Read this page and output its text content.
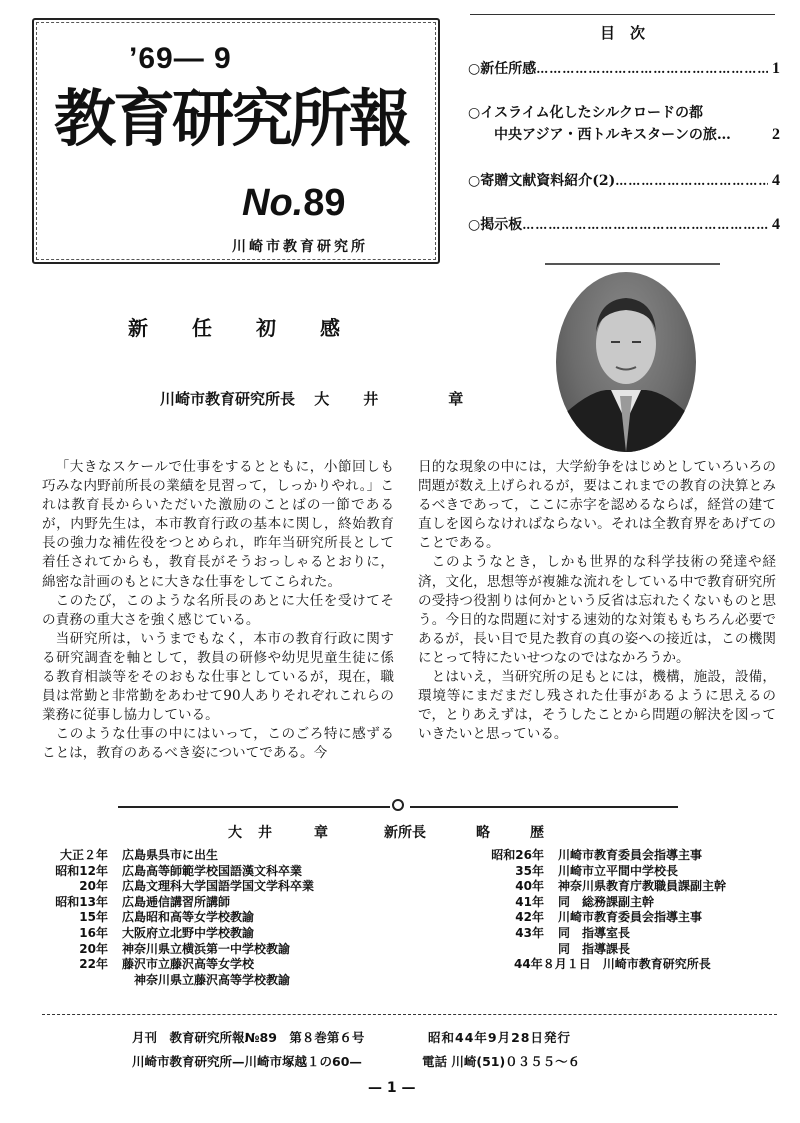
’69— 9
教育研究所報
No.89
川崎市教育研究所
目　次
○新任所感 ……………………………………………………………………	1
○イスライム化したシルクロードの都
中央アジア・西トルキスターンの旅…	2
○寄贈文献資料紹介(2) ……………………………………………………………………	4
○掲示板 ……………………………………………………………………	4
新 任 初 感
川崎市教育研究所長 大 井	章

「大きなスケールで仕事をするとともに，小節回しも巧みな内野前所長の業績を見習って，しっかりやれ。」これは教育長からいただいた激励のことばの一節であるが，内野先生は，本市教育行政の基本に関し，終始教育長の強力な補佐役をつとめられ，昨年当研究所長として着任されてからも，教育長がそうおっしゃるとおりに，綿密な計画のもとに大きな仕事をしてこられた。

このたび，このような名所長のあとに大任を受けてその責務の重大さを強く感じている。

当研究所は，いうまでもなく，本市の教育行政に関する研究調査を軸として，教員の研修や幼児児童生徒に係る教育相談等をそのおもな仕事としているが，現在，職員は常勤と非常勤をあわせて90人ありそれぞれこれらの業務に従事し協力している。

このような仕事の中にはいって，このごろ特に感ずることは，教育のあるべき姿についてである。今

日的な現象の中には，大学紛争をはじめとしていろいろの問題が数え上げられるが，要はこれまでの教育の決算とみるべきであって，ここに赤字を認めるならば，経営の建て直しを図らなければならない。それは全教育界をあげてのことである。

このようなとき，しかも世界的な科学技術の発達や経済，文化，思想等が複雑な流れをしている中で教育研究所の受持つ役割りは何かという反省は忘れたくないものと思う。今日的な問題に対する速効的な対策ももちろん必要であるが，長い目で見た教育の真の姿への接近は，この機関にとって特にたいせつなのではなかろうか。

とはいえ，当研究所の足もとには，機構，施設，設備，環境等にまだまだし残された仕事があるように思えるので，とりあえずは，そうしたことから問題の解決を図っていきたいと思っている。

大 井	章	新所長	略	歴
大正２年	広島県呉市に出生
昭和12年	広島高等師範学校国語漢文科卒業
20年	広島文理科大学国語学国文学科卒業
昭和13年	広島逓信講習所講師
15年	広島昭和高等女学校教諭
16年	大阪府立北野中学校教諭
20年	神奈川県立横浜第一中学校教諭
22年	藤沢市立藤沢高等女学校
神奈川県立藤沢高等学校教諭
昭和26年	川崎市教育委員会指導主事
35年	川崎市立平間中学校長
40年	神奈川県教育庁教職員課副主幹
41年	同　総務課副主幹
42年	川崎市教育委員会指導主事
43年	同　指導室長
同　指導課長
44年８月１日　川崎市教育研究所長
月刊　教育研究所報№89　第８巻第６号	昭和44年9月28日発行
川崎市教育研究所—川崎市塚越１の60—	電話 川崎(51)０３５５～６
— 1 —
